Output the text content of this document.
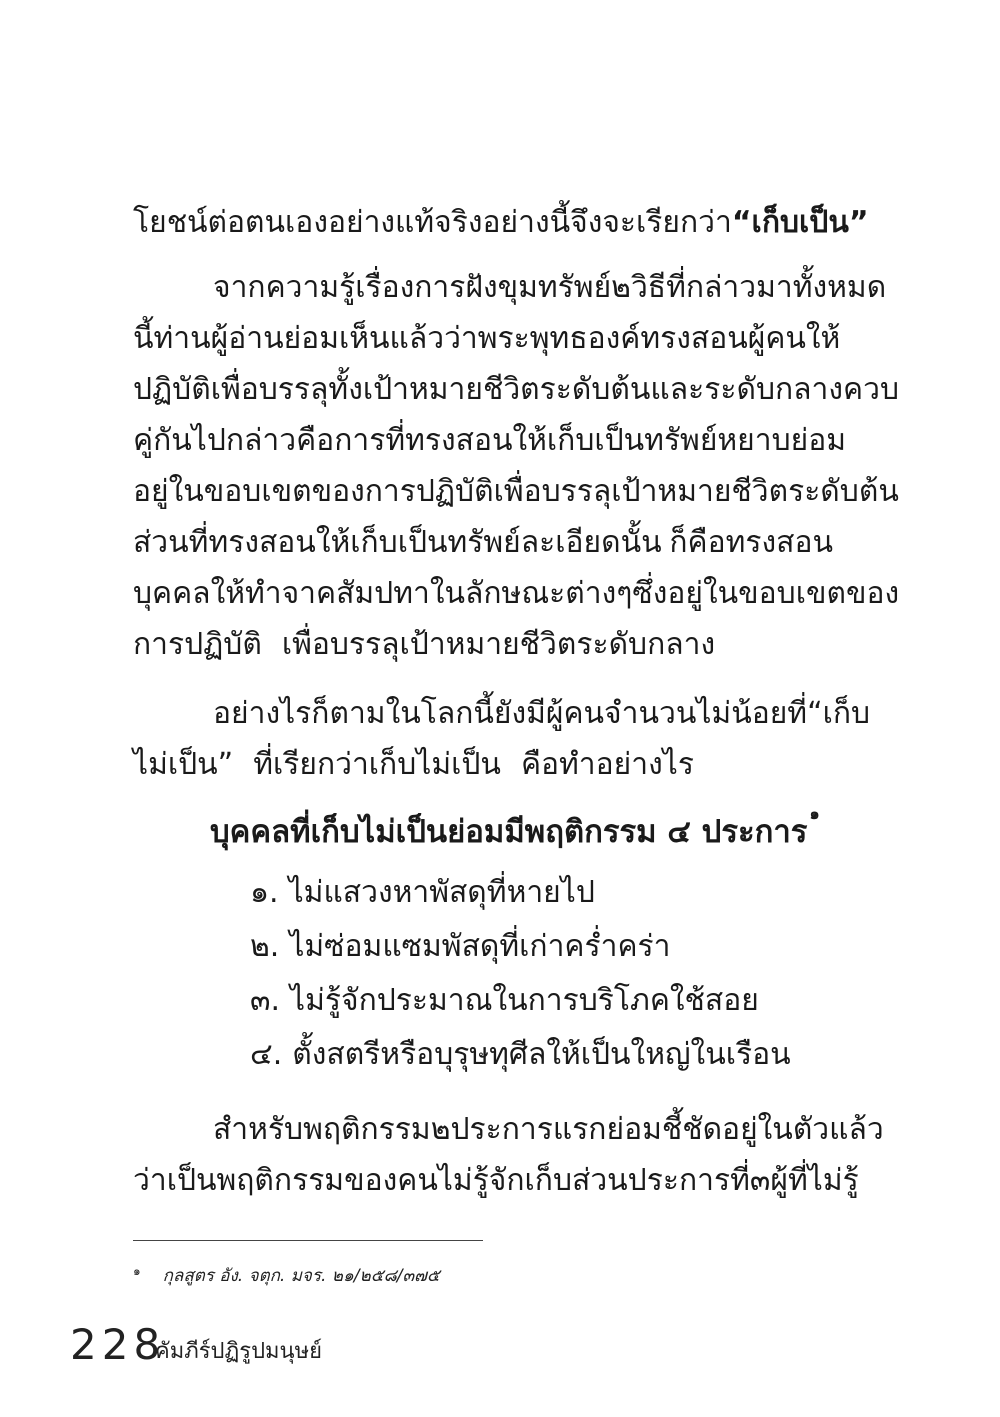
โยชน์ต่อตนเองอย่างแท้จริง อย่างนี้จึงจะเรียกว่า “เก็บเป็น”
จากความรู้เรื่องการฝังขุมทรัพย์ ๒ วิธี ที่กล่าวมาทั้งหมด
นี้ ท่านผู้อ่านย่อมเห็นแล้วว่า พระพุทธองค์ทรงสอนผู้คนให้
ปฏิบัติ เพื่อบรรลุทั้งเป้าหมายชีวิตระดับต้น และระดับกลางควบ
คู่กันไป กล่าวคือ การที่ทรงสอนให้เก็บเป็นทรัพย์หยาบ ย่อม
อยู่ในขอบเขตของการปฏิบัติ เพื่อบรรลุเป้าหมายชีวิตระดับต้น
ส่วนที่ทรงสอนให้เก็บเป็นทรัพย์ละเอียดนั้น ก็คือทรงสอน
บุคคลให้ทำจาคสัมปทาในลักษณะต่างๆ ซึ่งอยู่ในขอบเขตของ
การปฏิบัติ เพื่อบรรลุเป้าหมายชีวิตระดับกลาง
อย่างไรก็ตาม ในโลกนี้ยังมีผู้คนจำนวนไม่น้อยที่ “เก็บ
ไม่เป็น” ที่เรียกว่าเก็บไม่เป็น คือทำอย่างไร
บุคคลที่เก็บไม่เป็นย่อมมีพฤติกรรม ๔ ประการ$^๑$
๑. ไม่แสวงหาพัสดุที่หายไป
๒. ไม่ซ่อมแซมพัสดุที่เก่าคร่ำคร่า
๓. ไม่รู้จักประมาณในการบริโภคใช้สอย
๔. ตั้งสตรีหรือบุรุษทุศีลให้เป็นใหญ่ในเรือน
สำหรับพฤติกรรม ๒ ประการแรก ย่อมชี้ชัดอยู่ในตัวแล้ว
ว่าเป็นพฤติกรรมของคนไม่รู้จักเก็บ ส่วนประการที่ ๓ ผู้ที่ไม่รู้
$^๑$ กุลสูตร อัง. จตุก. มจร. ๒๑/๒๕๘/๓๗๕
228
คัมภีร์ปฏิรูปมนุษย์
